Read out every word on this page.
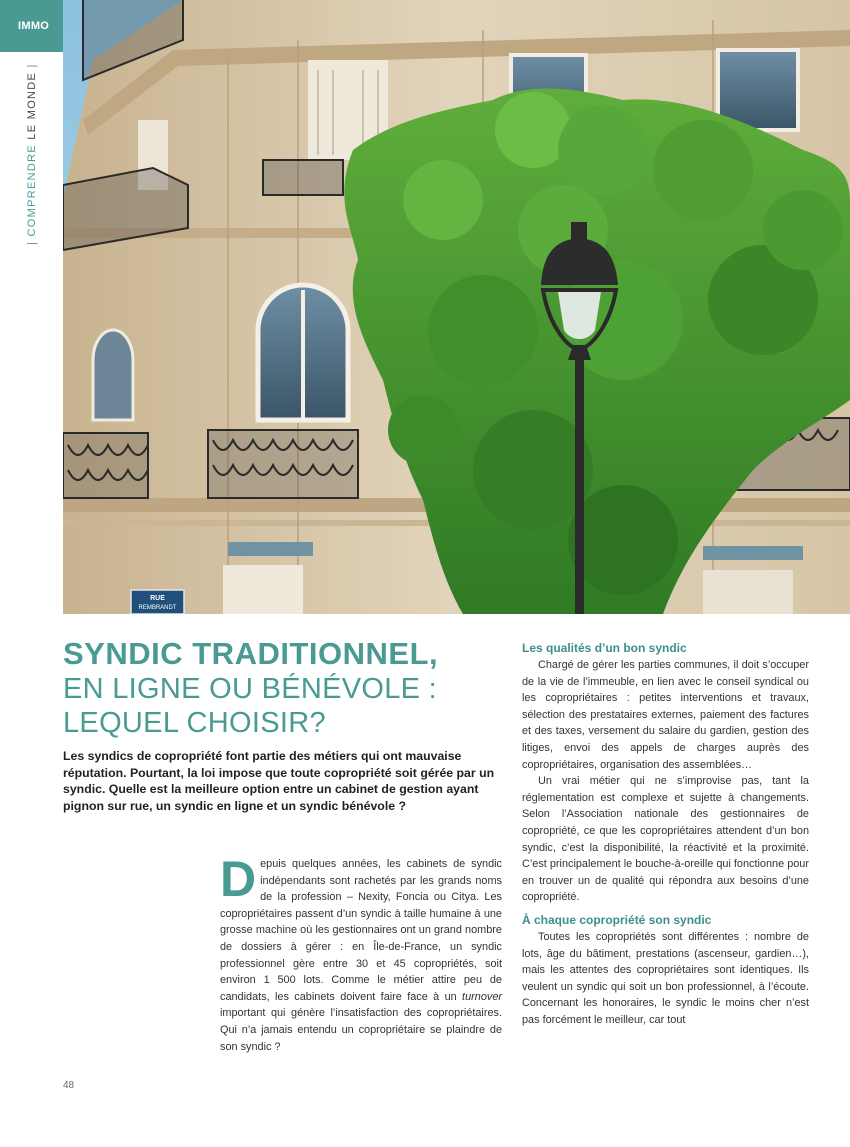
IMMO
| COMPRENDRE LE MONDE |
RUE
REMBRANDT
SYNDIC TRADITIONNEL,
EN LIGNE OU BÉNÉVOLE :
LEQUEL CHOISIR?
Les syndics de copropriété font partie des métiers qui ont mauvaise réputation. Pourtant, la loi impose que toute copropriété soit gérée par un syndic. Quelle est la meilleure option entre un cabinet de gestion ayant pignon sur rue, un syndic en ligne et un syndic bénévole ?
Depuis quelques années, les cabinets de syndic indépendants sont rachetés par les grands noms de la profession – Nexity, Foncia ou Citya. Les copropriétaires passent d’un syndic à taille humaine à une grosse machine où les gestionnaires ont un grand nombre de dossiers à gérer : en Île-de-France, un syndic professionnel gère entre 30 et 45 copropriétés, soit environ 1 500 lots. Comme le métier attire peu de candidats, les cabinets doivent faire face à un turnover important qui génère l’insatisfaction des copropriétaires. Qui n’a jamais entendu un copropriétaire se plaindre de son syndic ?
Les qualités d’un bon syndic

Chargé de gérer les parties communes, il doit s’occuper de la vie de l’immeuble, en lien avec le conseil syndical ou les copropriétaires : petites interventions et travaux, sélection des prestataires externes, paiement des factures et des taxes, versement du salaire du gardien, gestion des litiges, envoi des appels de charges auprès des copropriétaires, organisation des assemblées…

Un vrai métier qui ne s’improvise pas, tant la réglementation est complexe et sujette à changements. Selon l’Association nationale des gestionnaires de copropriété, ce que les copropriétaires attendent d’un bon syndic, c’est la disponibilité, la réactivité et la proximité. C’est principalement le bouche-à-oreille qui fonctionne pour en trouver un de qualité qui répondra aux besoins d’une copropriété.

À chaque copropriété son syndic

Toutes les copropriétés sont différentes : nombre de lots, âge du bâtiment, prestations (ascenseur, gardien…), mais les attentes des copropriétaires sont identiques. Ils veulent un syndic qui soit un bon professionnel, à l’écoute. Concernant les honoraires, le syndic le moins cher n’est pas forcément le meilleur, car tout

48
